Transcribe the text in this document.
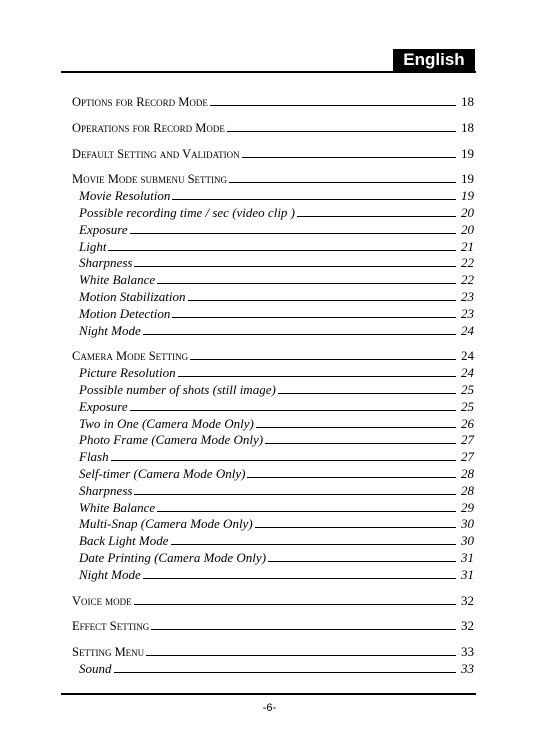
English
Options for Record Mode	18
Operations for Record Mode	18
Default Setting and Validation	19
Movie Mode submenu Setting	19
Movie Resolution	19
Possible recording time / sec (video clip )	20
Exposure	20
Light	21
Sharpness	22
White Balance	22
Motion Stabilization	23
Motion Detection	23
Night Mode	24
Camera Mode Setting	24
Picture Resolution	24
Possible number of shots (still image)	25
Exposure	25
Two in One (Camera Mode Only)	26
Photo Frame (Camera Mode Only)	27
Flash	27
Self-timer (Camera Mode Only)	28
Sharpness	28
White Balance	29
Multi-Snap (Camera Mode Only)	30
Back Light Mode	30
Date Printing (Camera Mode Only)	31
Night Mode	31
Voice mode	32
Effect Setting	32
Setting Menu	33
Sound	33
-6-
